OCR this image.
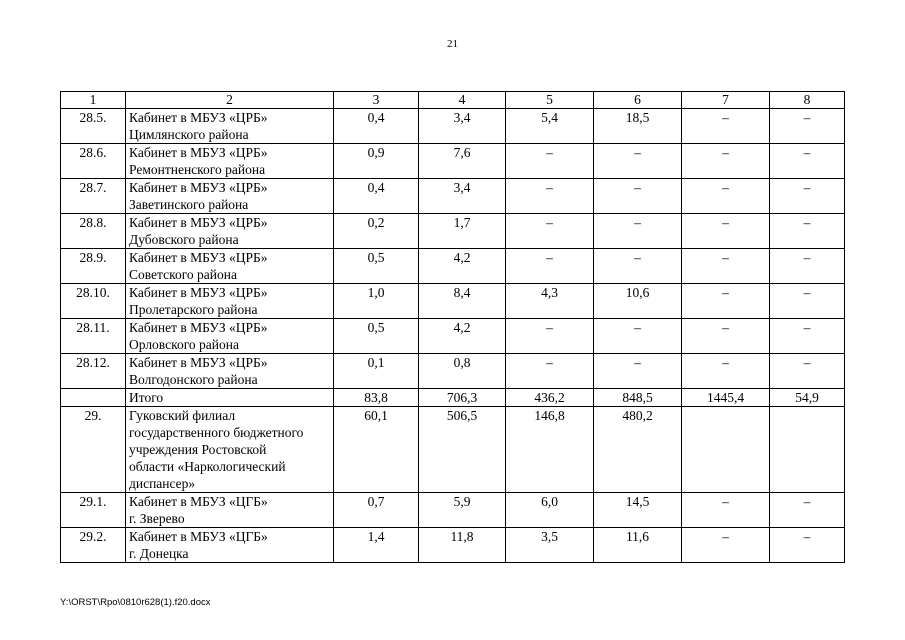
21
1	2	3	4	5	6	7	8
28.5.	Кабинет в МБУЗ «ЦРБ»
Цимлянского района	0,4	3,4	5,4	18,5	–	–
28.6.	Кабинет в МБУЗ «ЦРБ»
Ремонтненского района	0,9	7,6	–	–	–	–
28.7.	Кабинет в МБУЗ «ЦРБ»
Заветинского района	0,4	3,4	–	–	–	–
28.8.	Кабинет в МБУЗ «ЦРБ»
Дубовского района	0,2	1,7	–	–	–	–
28.9.	Кабинет в МБУЗ «ЦРБ»
Советского района	0,5	4,2	–	–	–	–
28.10.	Кабинет в МБУЗ «ЦРБ»
Пролетарского района	1,0	8,4	4,3	10,6	–	–
28.11.	Кабинет в МБУЗ «ЦРБ»
Орловского района	0,5	4,2	–	–	–	–
28.12.	Кабинет в МБУЗ «ЦРБ»
Волгодонского района	0,1	0,8	–	–	–	–

	Итого	83,8	706,3	436,2	848,5	1445,4	54,9
29.	Гуковский филиал
государственного бюджетного
учреждения Ростовской
области «Наркологический
диспансер»	60,1	506,5	146,8	480,2		
29.1.	Кабинет в МБУЗ «ЦГБ»
г. Зверево	0,7	5,9	6,0	14,5	–	–
29.2.	Кабинет в МБУЗ «ЦГБ»
г. Донецка	1,4	11,8	3,5	11,6	–	–
Y:\ORST\Rpo\0810r628(1).f20.docx
